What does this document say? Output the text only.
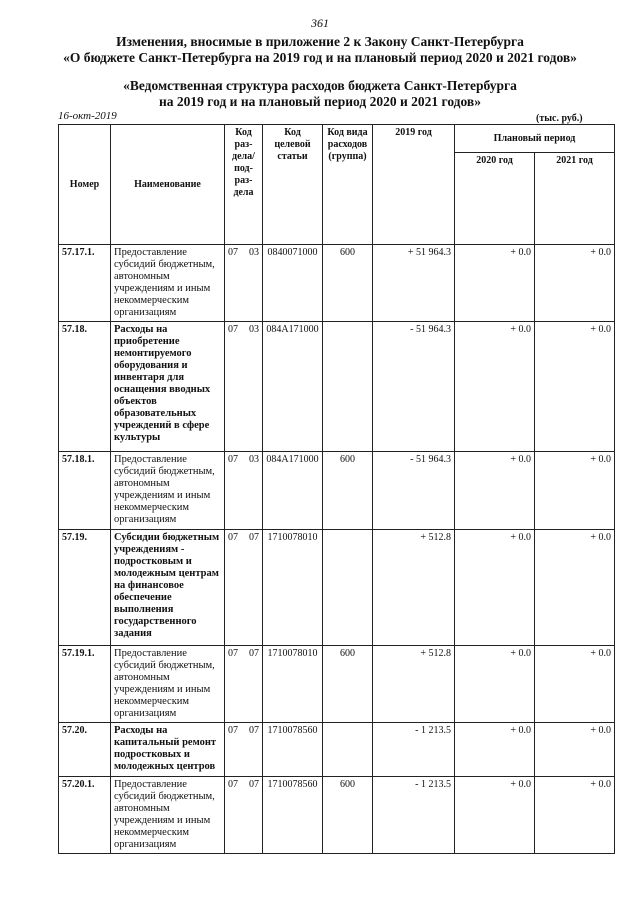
361
Изменения, вносимые в приложение 2 к Закону Санкт-Петербурга
«О бюджете Санкт-Петербурга на 2019 год и на плановый период 2020 и 2021 годов»
«Ведомственная структура расходов бюджета Санкт-Петербурга
на 2019 год и на плановый период 2020 и 2021 годов»
16-окт-2019	(тыс. руб.)
Номер	Наименование	Код раз-дела/ под-раз-дела	Код целевой статьи	Код вида расходов (группа)	2019 год	Плановый период	
						2020 год	2021 год
57.17.1.	Предоставление субсидий бюджетным, автономным учреждениям и иным некоммерческим организациям	07 03	0840071000	600	+ 51 964.3	+ 0.0	+ 0.0
57.18.	Расходы на приобретение немонтируемого оборудования и инвентаря для оснащения вводных объектов образовательных учреждений в сфере культуры	07 03	084А171000		- 51 964.3	+ 0.0	+ 0.0
57.18.1.	Предоставление субсидий бюджетным, автономным учреждениям и иным некоммерческим организациям	07 03	084А171000	600	- 51 964.3	+ 0.0	+ 0.0
57.19.	Субсидии бюджетным учреждениям - подростковым и молодежным центрам на финансовое обеспечение выполнения государственного задания	07 07	1710078010		+ 512.8	+ 0.0	+ 0.0
57.19.1.	Предоставление субсидий бюджетным, автономным учреждениям и иным некоммерческим организациям	07 07	1710078010	600	+ 512.8	+ 0.0	+ 0.0
57.20.	Расходы на капитальный ремонт подростковых и молодежных центров	07 07	1710078560		- 1 213.5	+ 0.0	+ 0.0
57.20.1.	Предоставление субсидий бюджетным, автономным учреждениям и иным некоммерческим организациям	07 07	1710078560	600	- 1 213.5	+ 0.0	+ 0.0
